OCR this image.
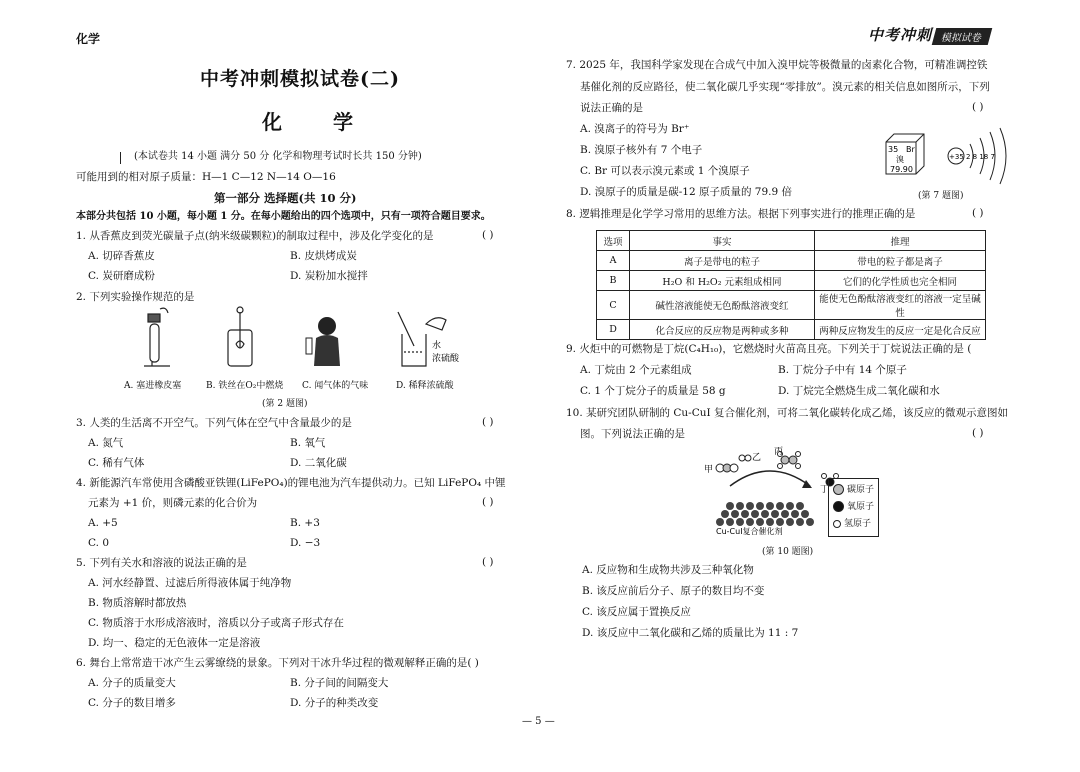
化学	中考冲刺 模拟试卷
中考冲刺模拟试卷(二)
化 学
(本试卷共 14 小题 满分 50 分 化学和物理考试时长共 150 分钟)
可能用到的相对原子质量：H—1 C—12 N—14 O—16
第一部分 选择题(共 10 分)
本部分共包括 10 小题，每小题 1 分。在每小题给出的四个选项中，只有一项符合题目要求。
1. 从香蕉皮到荧光碳量子点(纳米级碳颗粒)的制取过程中，涉及化学变化的是	( )
A. 切碎香蕉皮	B. 皮烘烤成炭
C. 炭研磨成粉	D. 炭粉加水搅拌
2. 下列实验操作规范的是
水
浓硫酸
A. 塞进橡皮塞	B. 铁丝在O₂中燃烧 C. 闻气体的气味	D. 稀释浓硫酸
(第 2 题图)
3. 人类的生活离不开空气。下列气体在空气中含量最少的是	( )
A. 氮气	B. 氧气
C. 稀有气体	D. 二氧化碳
4. 新能源汽车常使用含磷酸亚铁锂(LiFePO₄)的锂电池为汽车提供动力。已知 LiFePO₄ 中锂
元素为 +1 价，则磷元素的化合价为	( )
A. +5	B. +3
C. 0	D. −3
5. 下列有关水和溶液的说法正确的是	( )
A. 河水经静置、过滤后所得液体属于纯净物
B. 物质溶解时都放热
C. 物质溶于水形成溶液时，溶质以分子或离子形式存在
D. 均一、稳定的无色液体一定是溶液
6. 舞台上常常造干冰产生云雾缭绕的景象。下列对干冰升华过程的微观解释正确的是( )
A. 分子的质量变大	B. 分子间的间隔变大
C. 分子的数目增多	D. 分子的种类改变
7. 2025 年，我国科学家发现在合成气中加入溴甲烷等极微量的卤素化合物，可精准调控铁
基催化剂的反应路径，使二氧化碳几乎实现“零排放”。溴元素的相关信息如图所示，下列
说法正确的是	( )
A. 溴离子的符号为 Br⁺
B. 溴原子核外有 7 个电子
C. Br 可以表示溴元素或 1 个溴原子
D. 溴原子的质量是碳-12 原子质量的 79.9 倍
35 Br
溴
79.90
+35 2 8 18 7
(第 7 题图)
8. 逻辑推理是化学学习常用的思维方法。根据下列事实进行的推理正确的是	( )
选项	事实	推理
A	离子是带电的粒子	带电的粒子都是离子
B	H₂O 和 H₂O₂ 元素组成相同	它们的化学性质也完全相同
C	碱性溶液能使无色酚酞溶液变红	能使无色酚酞溶液变红的溶液一定呈碱性
D	化合反应的反应物是两种或多种	两种反应物发生的反应一定是化合反应
9. 火炬中的可燃物是丁烷(C₄H₁₀)，它燃烧时火苗高且亮。下列关于丁烷说法正确的是 (
A. 丁烷由 2 个元素组成	B. 丁烷分子中有 14 个原子
C. 1 个丁烷分子的质量是 58 g	D. 丁烷完全燃烧生成二氧化碳和水
10. 某研究团队研制的 Cu-CuI 复合催化剂，可将二氧化碳转化成乙烯，该反应的微观示意图如
图。下列说法正确的是	( )
甲
乙
丙
丁
Cu-CuI复合催化剂
碳原子
氧原子
氢原子
(第 10 题图)
A. 反应物和生成物共涉及三种氧化物
B. 该反应前后分子、原子的数目均不变
C. 该反应属于置换反应
D. 该反应中二氧化碳和乙烯的质量比为 11 : 7
— 5 —
